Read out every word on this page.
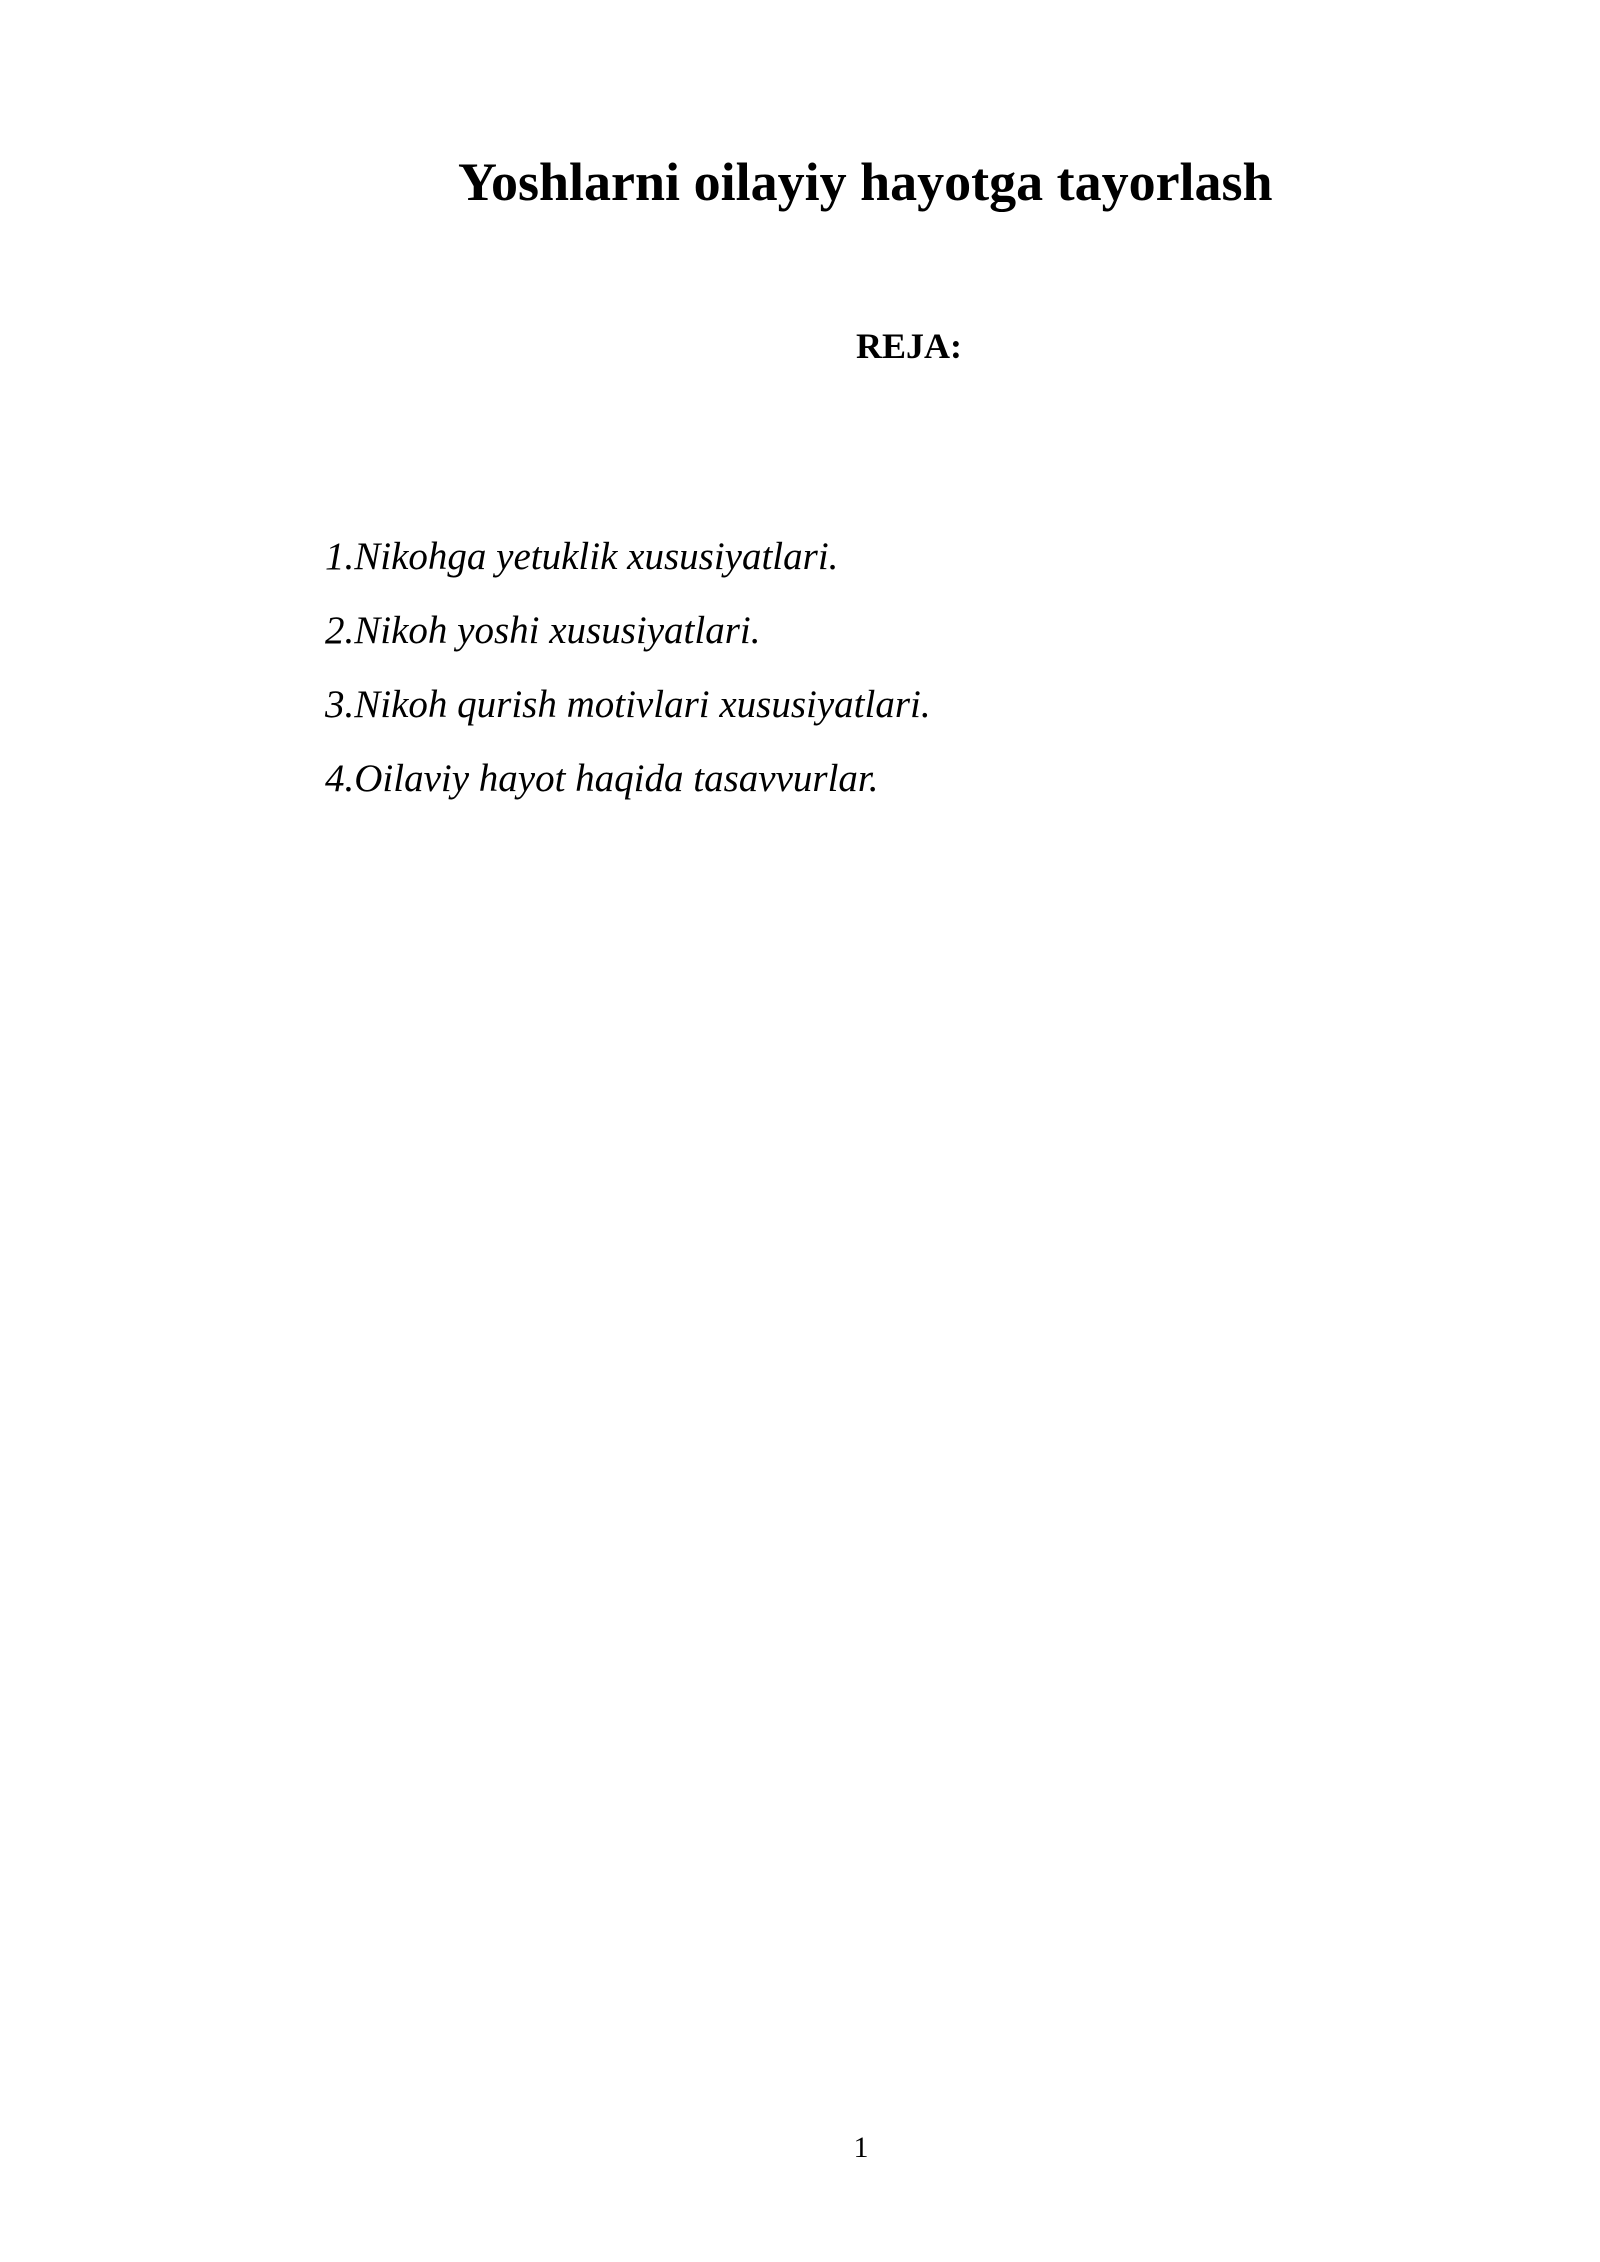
Yoshlarni oilayiy hayotga tayorlash
REJA:
1.Nikohga yetuklik xususiyatlari.
2.Nikoh yoshi xususiyatlari.
3.Nikoh qurish motivlari xususiyatlari.
4.Oilaviy hayot haqida tasavvurlar.
1
